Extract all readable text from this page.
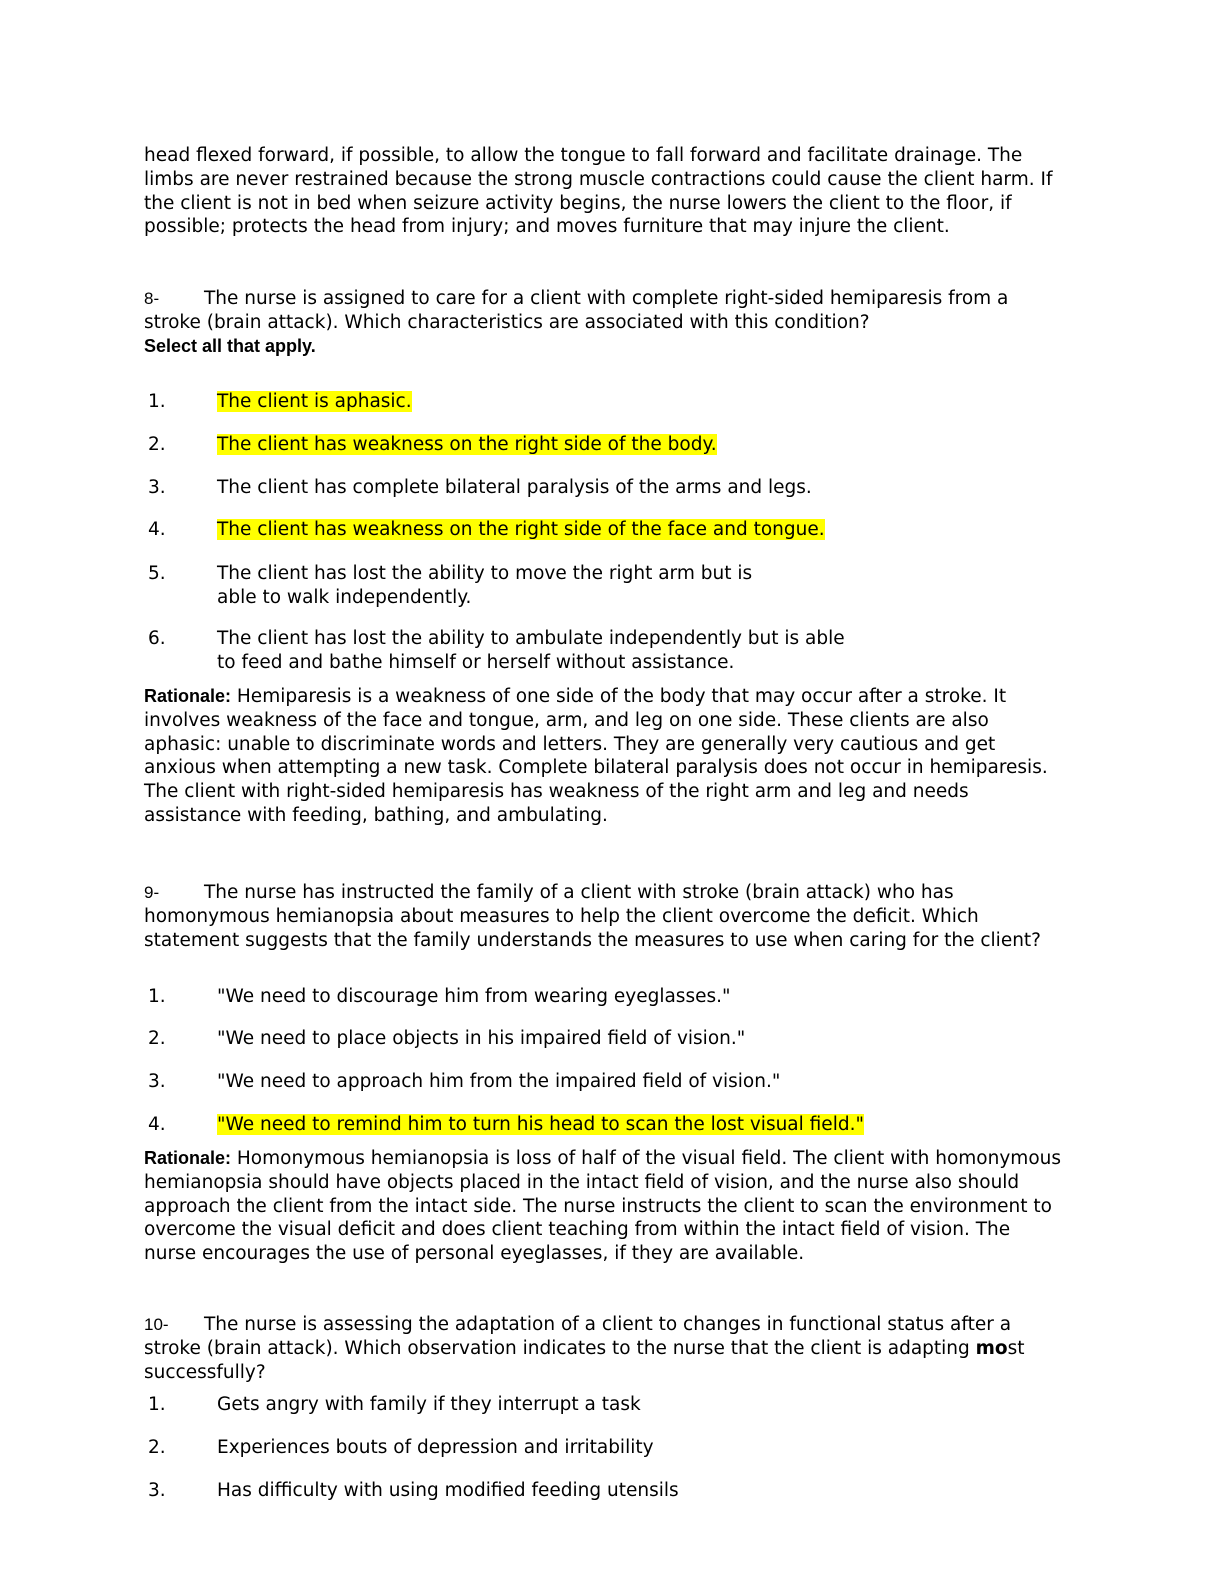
head flexed forward, if possible, to allow the tongue to fall forward and facilitate drainage. The limbs are never restrained because the strong muscle contractions could cause the client harm. If the client is not in bed when seizure activity begins, the nurse lowers the client to the floor, if possible; protects the head from injury; and moves furniture that may injure the client.

8- The nurse is assigned to care for a client with complete right-sided hemiparesis from a stroke (brain attack). Which characteristics are associated with this condition?

Select all that apply.

1.	The client is aphasic.
2.	The client has weakness on the right side of the body.
3.	The client has complete bilateral paralysis of the arms and legs.
4.	The client has weakness on the right side of the face and tongue.
5.	The client has lost the ability to move the right arm but is
able to walk independently.
6.	The client has lost the ability to ambulate independently but is able
to feed and bathe himself or herself without assistance.

Rationale: Hemiparesis is a weakness of one side of the body that may occur after a stroke. It involves weakness of the face and tongue, arm, and leg on one side. These clients are also aphasic: unable to discriminate words and letters. They are generally very cautious and get anxious when attempting a new task. Complete bilateral paralysis does not occur in hemiparesis. The client with right-sided hemiparesis has weakness of the right arm and leg and needs assistance with feeding, bathing, and ambulating.

9- The nurse has instructed the family of a client with stroke (brain attack) who has homonymous hemianopsia about measures to help the client overcome the deficit. Which statement suggests that the family understands the measures to use when caring for the client?

1.	"We need to discourage him from wearing eyeglasses."
2.	"We need to place objects in his impaired field of vision."
3.	"We need to approach him from the impaired field of vision."
4.	"We need to remind him to turn his head to scan the lost visual field."

Rationale: Homonymous hemianopsia is loss of half of the visual field. The client with homonymous hemianopsia should have objects placed in the intact field of vision, and the nurse also should approach the client from the intact side. The nurse instructs the client to scan the environment to overcome the visual deficit and does client teaching from within the intact field of vision. The nurse encourages the use of personal eyeglasses, if they are available.

10- The nurse is assessing the adaptation of a client to changes in functional status after a stroke (brain attack). Which observation indicates to the nurse that the client is adapting most successfully?

1.	Gets angry with family if they interrupt a task
2.	Experiences bouts of depression and irritability
3.	Has difficulty with using modified feeding utensils
